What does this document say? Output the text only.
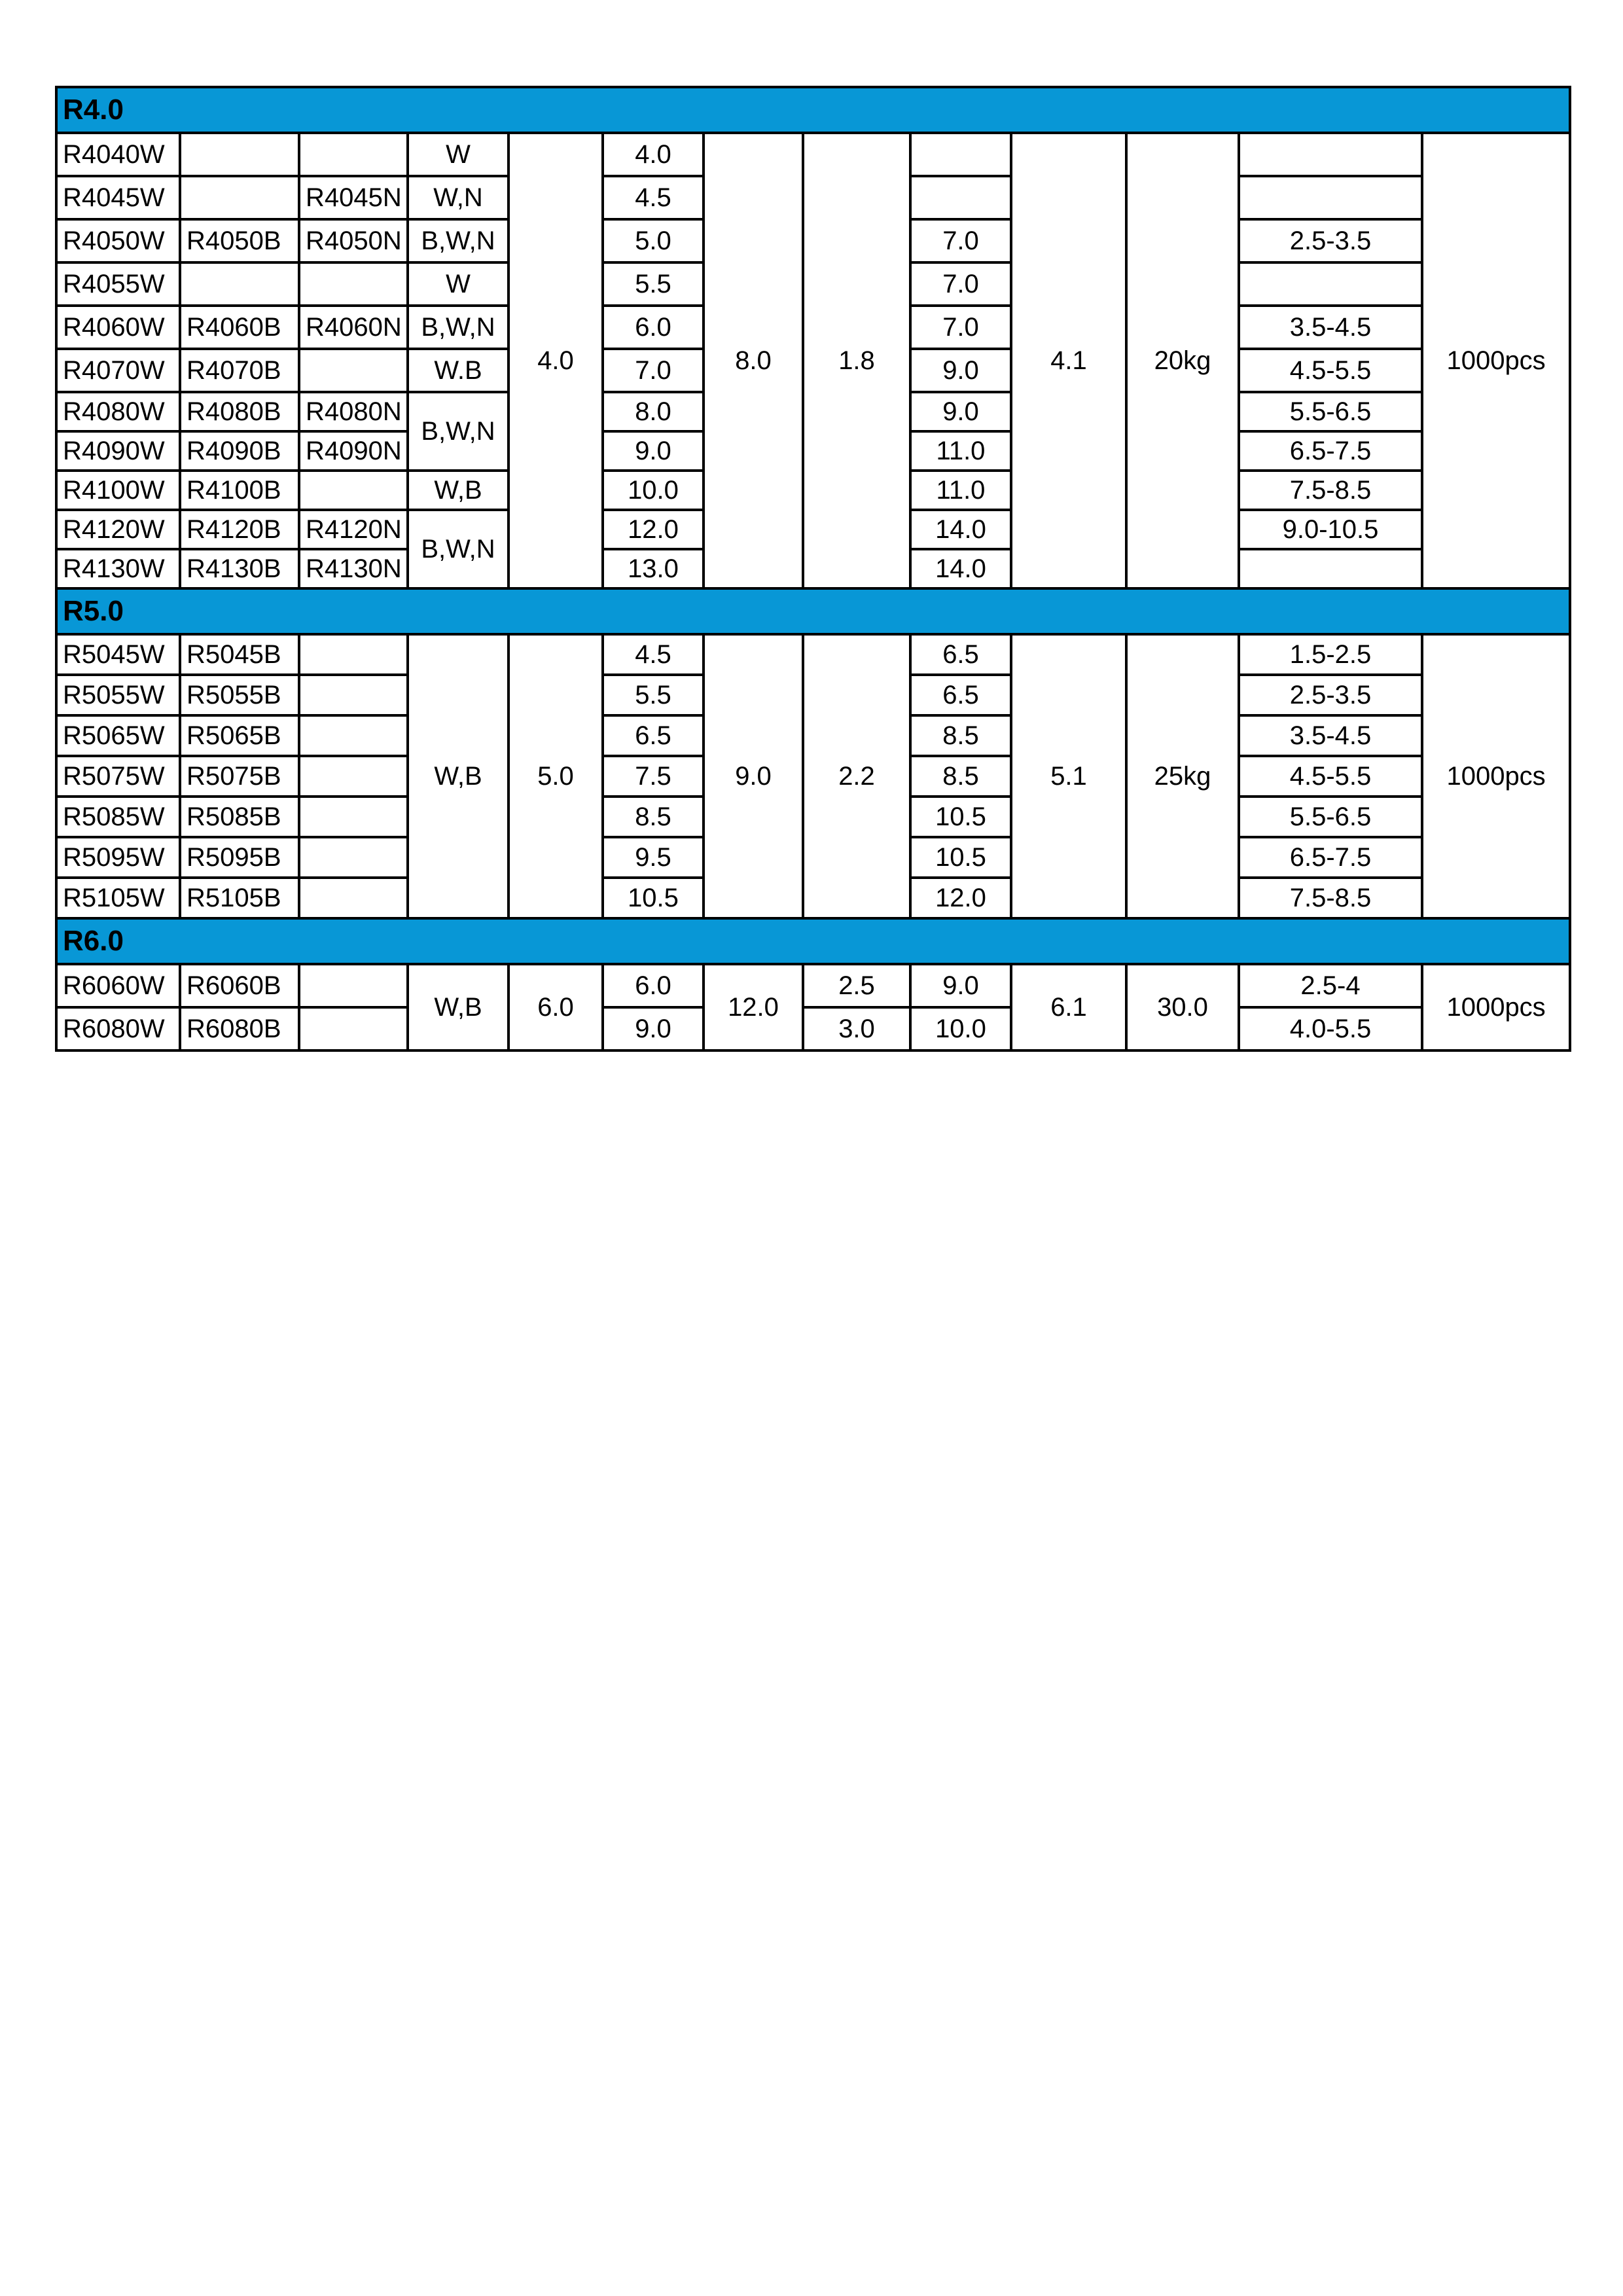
R4.0												
R4040W			W	4.0	4.0	8.0	1.8		4.1	20kg		1000pcs
R4045W		R4045N	W,N		4.5							
R4050W	R4050B	R4050N	B,W,N		5.0			7.0			2.5-3.5	
R4055W			W		5.5			7.0				
R4060W	R4060B	R4060N	B,W,N		6.0			7.0			3.5-4.5	
R4070W	R4070B		W.B		7.0			9.0			4.5-5.5	
R4080W	R4080B	R4080N	B,W,N		8.0			9.0			5.5-6.5	
R4090W	R4090B	R4090N			9.0			11.0			6.5-7.5	
R4100W	R4100B		W,B		10.0			11.0			7.5-8.5	
R4120W	R4120B	R4120N	B,W,N		12.0			14.0			9.0-10.5	
R4130W	R4130B	R4130N			13.0			14.0				
R5.0												
R5045W	R5045B		W,B	5.0	4.5	9.0	2.2	6.5	5.1	25kg	1.5-2.5	1000pcs
R5055W	R5055B				5.5			6.5			2.5-3.5	
R5065W	R5065B				6.5			8.5			3.5-4.5	
R5075W	R5075B				7.5			8.5			4.5-5.5	
R5085W	R5085B				8.5			10.5			5.5-6.5	
R5095W	R5095B				9.5			10.5			6.5-7.5	
R5105W	R5105B				10.5			12.0			7.5-8.5	
R6.0												
R6060W	R6060B		W,B	6.0	6.0	12.0	2.5	9.0	6.1	30.0	2.5-4	1000pcs
R6080W	R6080B				9.0		3.0	10.0			4.0-5.5	
